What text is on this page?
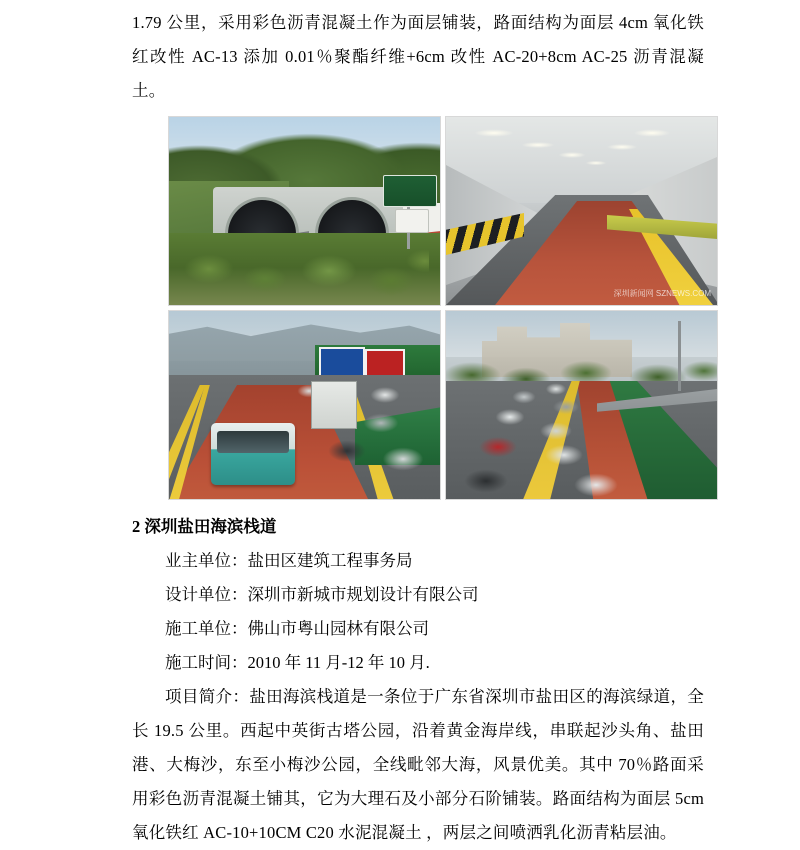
1.79 公里，采用彩色沥青混凝土作为面层铺装，路面结构为面层 4cm 氧化铁红改性 AC-13 添加 0.01％聚酯纤维+6cm 改性 AC-20+8cm AC-25 沥青混凝土。

深圳新闻网 SZNEWS.COM
2 深圳盐田海滨栈道

业主单位：盐田区建筑工程事务局

设计单位：深圳市新城市规划设计有限公司

施工单位：佛山市粤山园林有限公司

施工时间：2010 年 11 月-12 年 10 月.

项目简介：盐田海滨栈道是一条位于广东省深圳市盐田区的海滨绿道，全长 19.5 公里。西起中英街古塔公园，沿着黄金海岸线，串联起沙头角、盐田港、大梅沙，东至小梅沙公园，全线毗邻大海，风景优美。其中 70％路面采用彩色沥青混凝土铺其，它为大理石及小部分石阶铺装。路面结构为面层 5cm 氧化铁红 AC-10+10CM C20 水泥混凝土 ，两层之间喷洒乳化沥青粘层油。
